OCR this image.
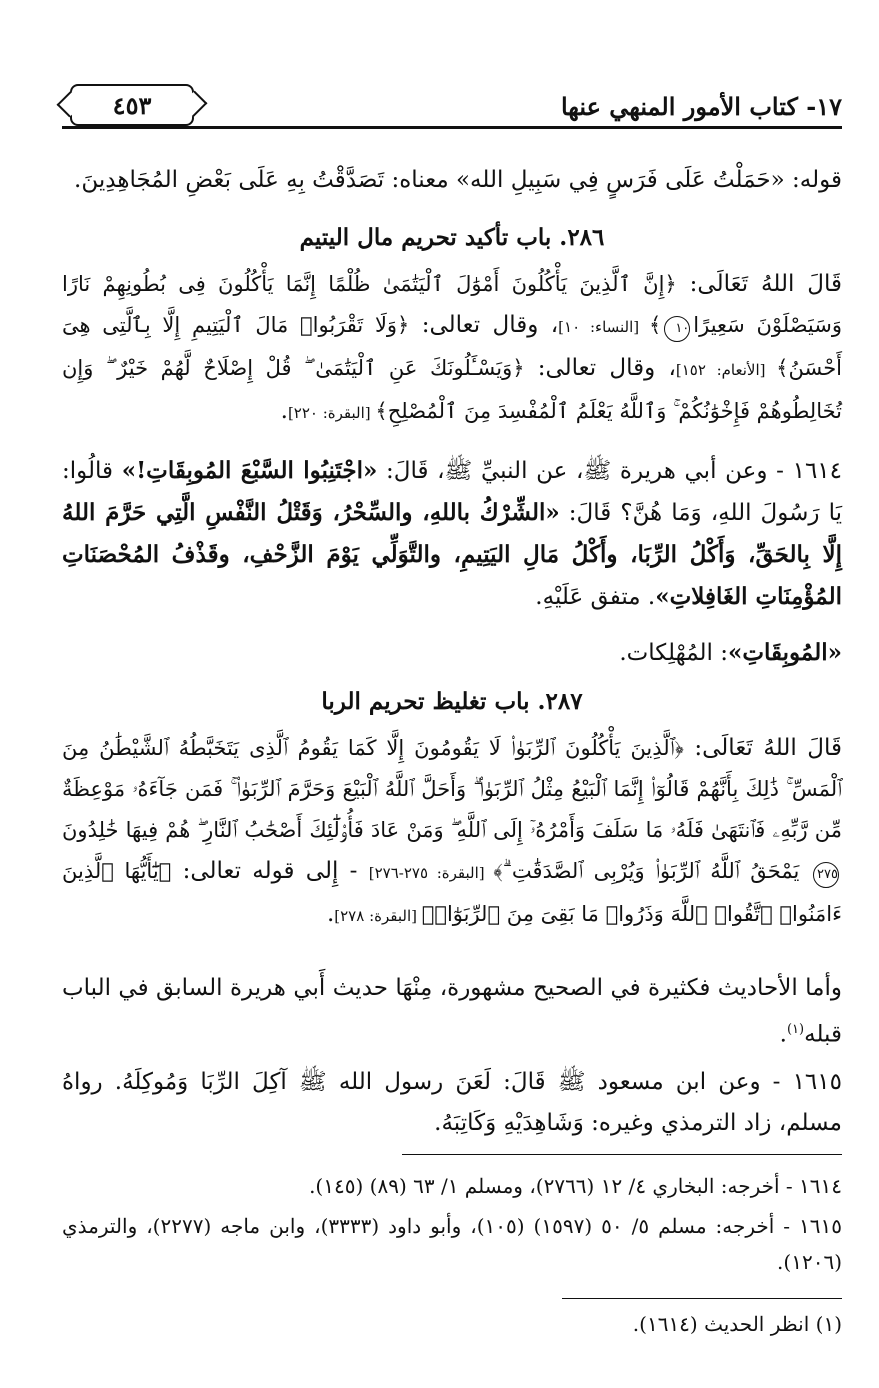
١٧- كتاب الأمور المنهي عنها
٤٥٣
قوله: «حَمَلْتُ عَلَى فَرَسٍ فِي سَبِيلِ الله» معناه: تَصَدَّقْتُ بِهِ عَلَى بَعْضِ المُجَاهِدِينَ.
٢٨٦. باب تأكيد تحريم مال اليتيم
قَالَ اللهُ تَعَالَى: ﴿إِنَّ ٱلَّذِينَ يَأْكُلُونَ أَمْوَٰلَ ٱلْيَتَٰمَىٰ ظُلْمًا إِنَّمَا يَأْكُلُونَ فِى بُطُونِهِمْ نَارًا وَسَيَصْلَوْنَ سَعِيرًا١٠﴾ [النساء: ١٠]، وقال تعالى: ﴿وَلَا تَقْرَبُوا۟ مَالَ ٱلْيَتِيمِ إِلَّا بِٱلَّتِى هِىَ أَحْسَنُ﴾ [الأنعام: ١٥٢]، وقال تعالى: ﴿وَيَسْـَٔلُونَكَ عَنِ ٱلْيَتَٰمَىٰ ۖ قُلْ إِصْلَاحٌ لَّهُمْ خَيْرٌ ۖ وَإِن تُخَالِطُوهُمْ فَإِخْوَٰنُكُمْ ۚ وَٱللَّهُ يَعْلَمُ ٱلْمُفْسِدَ مِنَ ٱلْمُصْلِحِ﴾ [البقرة: ٢٢٠].
١٦١٤ - وعن أبي هريرة ﷺ، عن النبيِّ ﷺ، قَالَ: «اجْتَنِبُوا السَّبْعَ المُوبِقَاتِ!» قالُوا: يَا رَسُولَ اللهِ، وَمَا هُنَّ؟ قَالَ: «الشِّرْكُ باللهِ، والسِّحْرُ، وَقَتْلُ النَّفْسِ الَّتِي حَرَّمَ اللهُ إِلَّا بِالحَقِّ، وَأَكْلُ الرِّبَا، وأَكْلُ مَالِ اليَتِيمِ، والتَّوَلِّي يَوْمَ الزَّحْفِ، وقَذْفُ المُحْصَنَاتِ المُؤْمِنَاتِ الغَافِلاتِ». متفق عَلَيْهِ.
«المُوبِقَاتِ»: المُهْلِكات.
٢٨٧. باب تغليظ تحريم الربا
قَالَ اللهُ تَعَالَى: ﴿ٱلَّذِينَ يَأْكُلُونَ ٱلرِّبَوٰا۟ لَا يَقُومُونَ إِلَّا كَمَا يَقُومُ ٱلَّذِى يَتَخَبَّطُهُ ٱلشَّيْطَٰنُ مِنَ ٱلْمَسِّ ۚ ذَٰلِكَ بِأَنَّهُمْ قَالُوٓا۟ إِنَّمَا ٱلْبَيْعُ مِثْلُ ٱلرِّبَوٰا۟ ۗ وَأَحَلَّ ٱللَّهُ ٱلْبَيْعَ وَحَرَّمَ ٱلرِّبَوٰا۟ ۚ فَمَن جَآءَهُۥ مَوْعِظَةٌ مِّن رَّبِّهِۦ فَٱنتَهَىٰ فَلَهُۥ مَا سَلَفَ وَأَمْرُهُۥٓ إِلَى ٱللَّهِ ۖ وَمَنْ عَادَ فَأُو۟لَٰٓئِكَ أَصْحَٰبُ ٱلنَّارِ ۖ هُمْ فِيهَا خَٰلِدُونَ٢٧٥ يَمْحَقُ ٱللَّهُ ٱلرِّبَوٰا۟ وَيُرْبِى ٱلصَّدَقَٰتِ ۗ﴾ [البقرة: ٢٧٥-٢٧٦] - إِلى قوله تعالى: ﴿يَٰٓأَيُّهَا ٱلَّذِينَ ءَامَنُوا۟ ٱتَّقُوا۟ ٱللَّهَ وَذَرُوا۟ مَا بَقِىَ مِنَ ٱلرِّبَوٰٓا۟﴾ [البقرة: ٢٧٨].
وأما الأحاديث فكثيرة في الصحيح مشهورة، مِنْهَا حديث أَبي هريرة السابق في الباب قبله$^{(١)}$.
١٦١٥ - وعن ابن مسعود ﷺ قَالَ: لَعَنَ رسول الله ﷺ آكِلَ الرِّبَا وَمُوكِلَهُ. رواهُ مسلم، زاد الترمذي وغيره: وَشَاهِدَيْهِ وَكَاتِبَهُ.
١٦١٤ - أخرجه: البخاري ٤/ ١٢ (٢٧٦٦)، ومسلم ١/ ٦٣ (٨٩) (١٤٥).
١٦١٥ - أخرجه: مسلم ٥/ ٥٠ (١٥٩٧) (١٠٥)، وأبو داود (٣٣٣٣)، وابن ماجه (٢٢٧٧)، والترمذي (١٢٠٦).
(١) انظر الحديث (١٦١٤).
